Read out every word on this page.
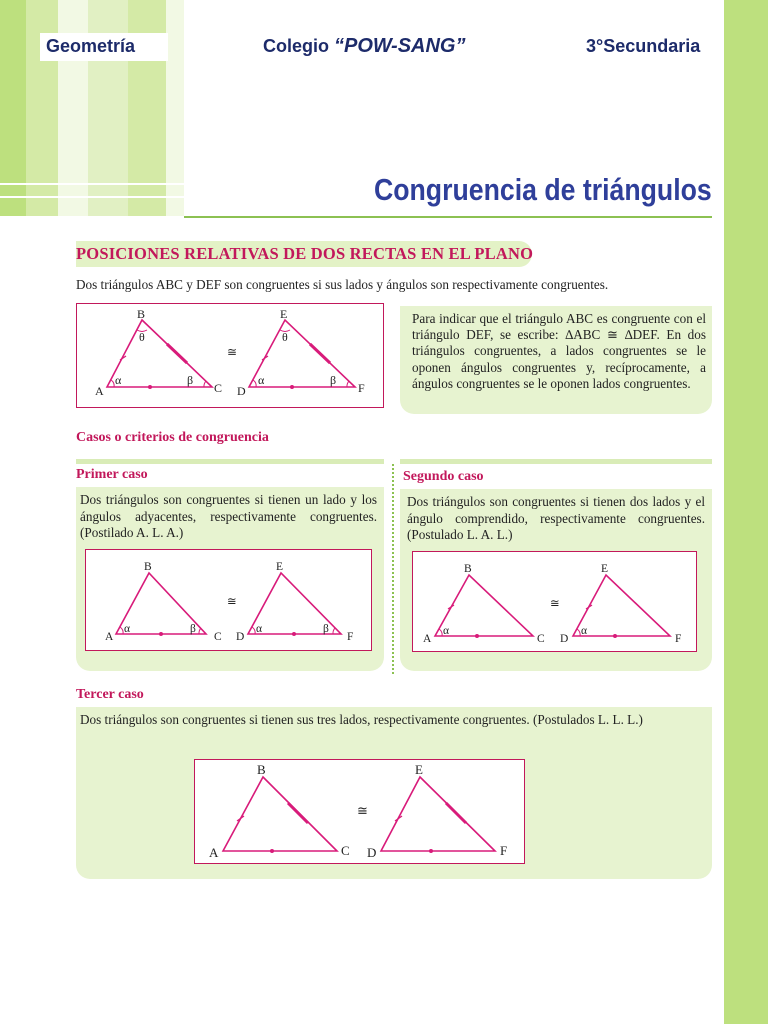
Geometría	Colegio “POW-SANG”	3°Secundaria
Congruencia de triángulos
POSICIONES RELATIVAS DE DOS RECTAS EN EL PLANO
Dos triángulos ABC y DEF son congruentes si sus lados y ángulos son respectivamente congruentes.
B
θ
α	β
A	C
≅
E
θ
α	β
D	F
Para indicar que el triángulo ABC es congruente con el triángulo DEF, se escribe: ∆ABC ≅ ∆DEF. En dos triángulos congruentes, a lados congruentes se le oponen ángulos congruentes y, recíprocamente, a ángulos congruentes se le oponen lados congruentes.
Casos o criterios de congruencia
Primer caso
Dos triángulos son congruentes si tienen un lado y los ángulos adyacentes, respectivamente congruentes. (Postilado A. L. A.)
B
α	β
A	C
≅
E
α	β
D	F
Segundo caso
Dos triángulos son congruentes si tienen dos lados y el ángulo comprendido, respectivamente congruentes. (Postulado L. A. L.)
B
α
A	C
≅
E
α
D	F
Tercer caso
Dos triángulos son congruentes si tienen sus tres lados, respectivamente congruentes. (Postulados L. L. L.)
B
A	C
≅
E
D	F
